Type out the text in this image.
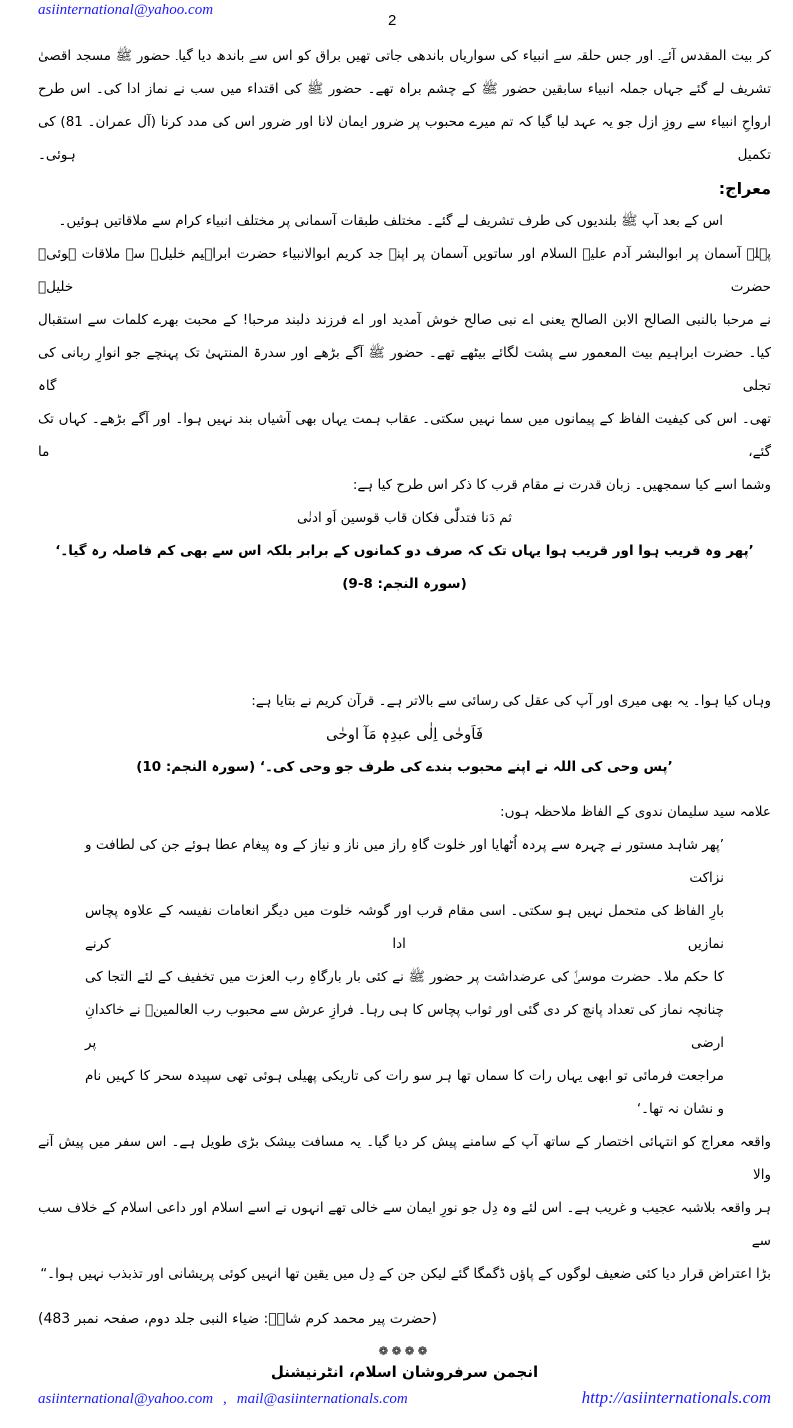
asiinternational@yahoo.com
2
کر بیت المقدس آئے۔ اور جس حلقہ سے انبیاء کی سواریاں باندھی جاتی تھیں براق کو اس سے باندھ دیا گیا۔ حضور ﷺ مسجد اقصیٰ
تشریف لے گئے جہاں جملہ انبیاء سابقین حضور ﷺ کے چشم براہ تھے۔ حضور ﷺ کی اقتداء میں سب نے نماز ادا کی۔ اس طرح
ارواحِ انبیاء سے روزِ ازل جو یہ عہد لیا گیا کہ تم میرے محبوب پر ضرور ایمان لانا اور ضرور اس کی مدد کرنا (آل عمران۔ 81) کی تکمیل ہوئی۔
معراج:
اس کے بعد آپ ﷺ بلندیوں کی طرف تشریف لے گئے۔ مختلف طبقات آسمانی پر مختلف انبیاء کرام سے ملاقاتیں ہوئیں۔
پہلے آسمان پر ابوالبشر آدم علیہ السلام اور ساتویں آسمان پر اپنے جد کریم ابوالانبیاء حضرت ابراہیم خلیلؑ سے ملاقات ہوئی۔ حضرت خلیلؑ
نے مرحبا بالنبی الصالح الابن الصالح یعنی اے نبی صالح خوش آمدید اور اے فرزند دلبند مرحبا! کے محبت بھرے کلمات سے استقبال
کیا۔ حضرت ابراہیم بیت المعمور سے پشت لگائے بیٹھے تھے۔ حضور ﷺ آگے بڑھے اور سدرۃ المنتہیٰ تک پہنچے جو انوارِ ربانی کی تجلی گاہ
تھی۔ اس کی کیفیت الفاظ کے پیمانوں میں سما نہیں سکتی۔ عقاب ہمت یہاں بھی آشیاں بند نہیں ہوا۔ اور آگے بڑھے۔ کہاں تک گئے، ما
وشما اسے کیا سمجھیں۔ زبان قدرت نے مقام قرب کا ذکر اس طرح کیا ہے:
ثم دَنا فتدلّٰی فکان قاب قوسین اَو ادنٰی
’پھر وہ قریب ہوا اور قریب ہوا یہاں تک کہ صرف دو کمانوں کے برابر بلکہ اس سے بھی کم فاصلہ رہ گیا۔‘ (سورہ النجم: 8-9)
وہاں کیا ہوا۔ یہ بھی میری اور آپ کی عقل کی رسائی سے بالاتر ہے۔ قرآن کریم نے بتایا ہے:
فَاَوحٰی اِلٰی عبدِہٖ مَآ اوحٰی
’پس وحی کی اللہ نے اپنے محبوب بندے کی طرف جو وحی کی۔‘ (سورہ النجم: 10)
علامہ سید سلیمان ندوی کے الفاظ ملاحظہ ہوں:
’پھر شاہد مستور نے چہرہ سے پردہ اُٹھایا اور خلوت گاہِ راز میں ناز و نیاز کے وہ پیغام عطا ہوئے جن کی لطافت و نزاکت
بارِ الفاظ کی متحمل نہیں ہو سکتی۔ اسی مقام قرب اور گوشہ خلوت میں دیگر انعامات نفیسہ کے علاوہ پچاس نمازیں ادا کرنے
کا حکم ملا۔ حضرت موسیٰؑ کی عرضداشت پر حضور ﷺ نے کئی بار بارگاہِ رب العزت میں تخفیف کے لئے التجا کی
چنانچہ نماز کی تعداد پانچ کر دی گئی اور ثواب پچاس کا ہی رہا۔ فرازِ عرش سے محبوب رب العالمینؐ نے خاکدانِ ارضی پر
مراجعت فرمائی تو ابھی یہاں رات کا سماں تھا ہر سو رات کی تاریکی پھیلی ہوئی تھی سپیدہ سحر کا کہیں نام و نشان نہ تھا۔‘
واقعہ معراج کو انتہائی اختصار کے ساتھ آپ کے سامنے پیش کر دیا گیا۔ یہ مسافت بیشک بڑی طویل ہے۔ اس سفر میں پیش آنے والا
ہر واقعہ بلاشبہ عجیب و غریب ہے۔ اس لئے وہ دِل جو نورِ ایمان سے خالی تھے انہوں نے اسے اسلام اور داعی اسلام کے خلاف سب سے
بڑا اعتراض قرار دیا کئی ضعیف لوگوں کے پاؤں ڈگمگا گئے لیکن جن کے دِل میں یقین تھا انہیں کوئی پریشانی اور تذبذب نہیں ہوا۔“
(حضرت پیر محمد کرم شاہؒ: ضیاء النبی جلد دوم، صفحہ نمبر 483)
❁❁❁❁
انجمن سرفروشان اسلام، انٹرنیشنل
asiinternational@yahoo.com , mail@asiinternationals.com	http://asiinternationals.com
